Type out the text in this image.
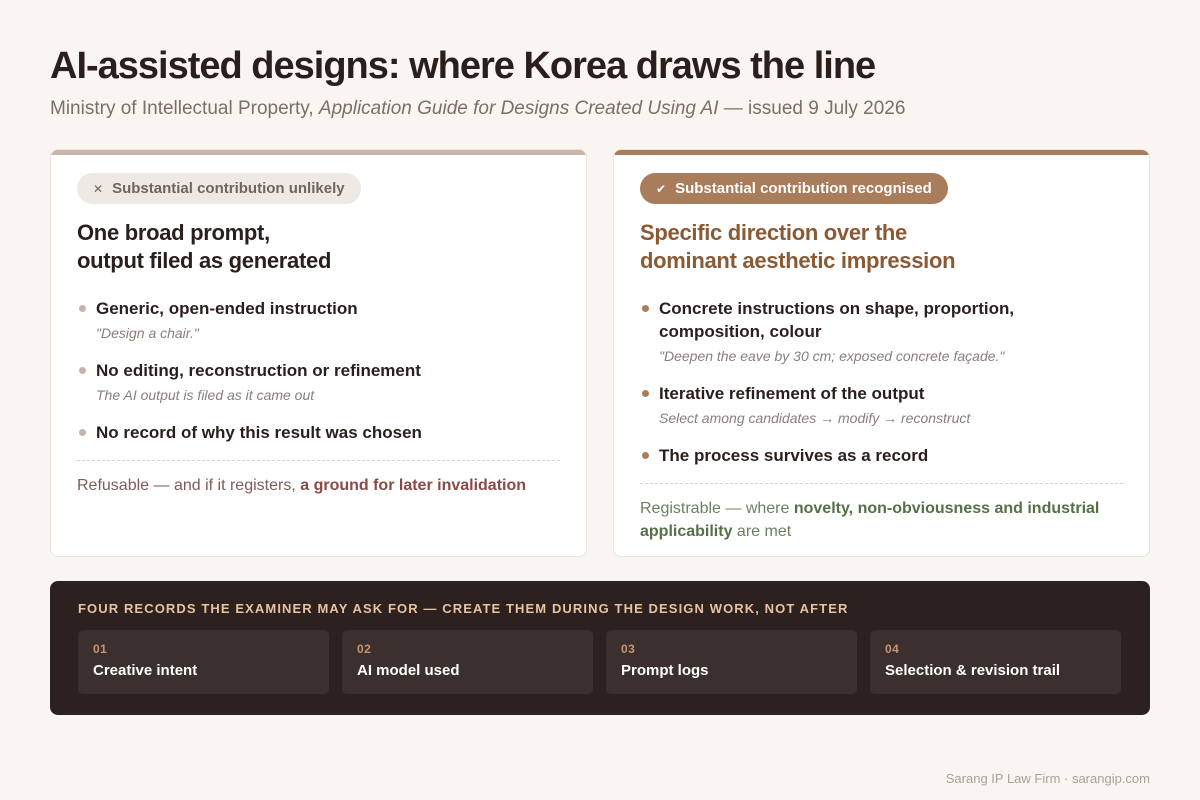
AI-assisted designs: where Korea draws the line

Ministry of Intellectual Property, Application Guide for Designs Created Using AI — issued 9 July 2026

✕ Substantial contribution unlikely
One broad prompt,
output filed as generated
Generic, open-ended instruction
"Design a chair."
No editing, reconstruction or refinement
The AI output is filed as it came out
No record of why this result was chosen

Refusable — and if it registers, a ground for later invalidation

✔ Substantial contribution recognised
Specific direction over the
dominant aesthetic impression
Concrete instructions on shape, proportion, composition, colour
"Deepen the eave by 30 cm; exposed concrete façade."
Iterative refinement of the output
Select among candidates → modify → reconstruct
The process survives as a record

Registrable — where novelty, non-obviousness and industrial applicability are met

FOUR RECORDS THE EXAMINER MAY ASK FOR — CREATE THEM DURING THE DESIGN WORK, NOT AFTER
01
Creative intent
02
AI model used
03
Prompt logs
04
Selection & revision trail
Sarang IP Law Firm · sarangip.com
